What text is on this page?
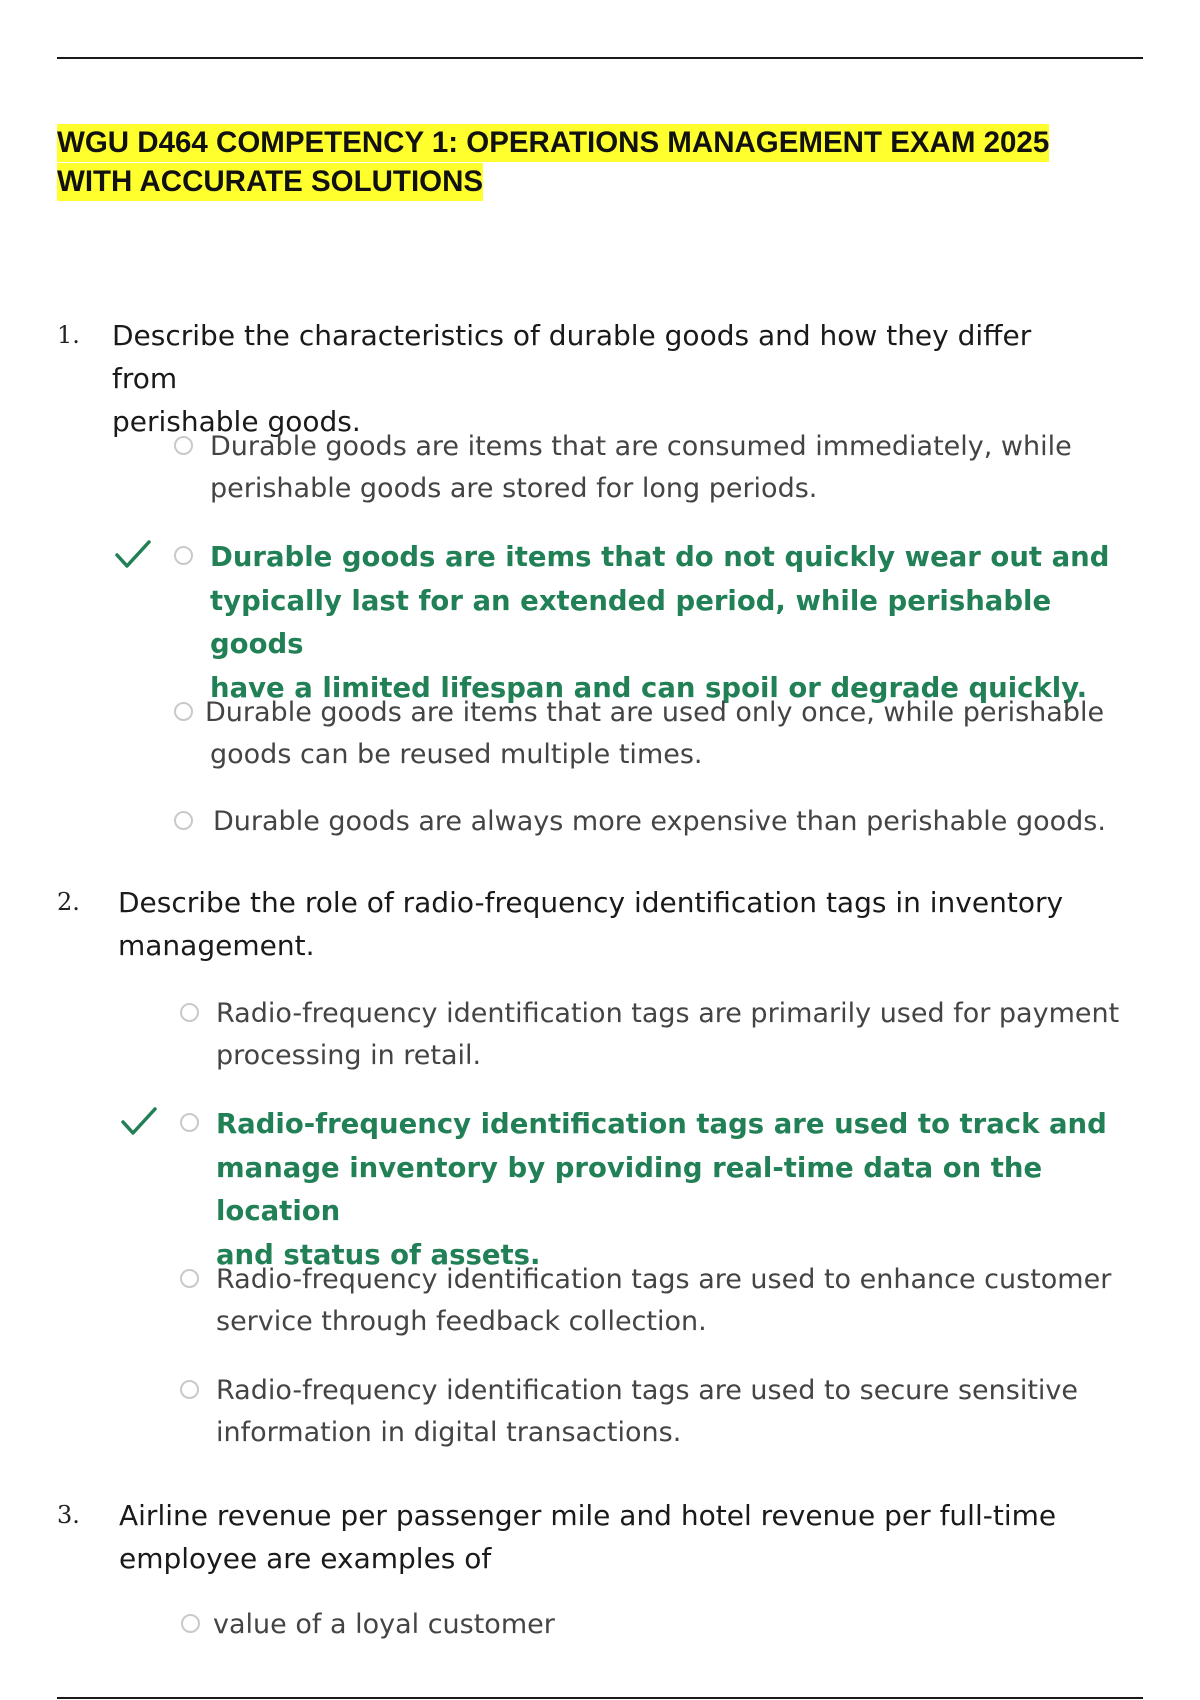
WGU D464 COMPETENCY 1: OPERATIONS MANAGEMENT EXAM 2025
WITH ACCURATE SOLUTIONS
1. Describe the characteristics of durable goods and how they differ from
perishable goods.
Durable goods are items that are consumed immediately, while
perishable goods are stored for long periods.
Durable goods are items that do not quickly wear out and
typically last for an extended period, while perishable goods
have a limited lifespan and can spoil or degrade quickly.
Durable goods are items that are used only once, while perishable
goods can be reused multiple times.
Durable goods are always more expensive than perishable goods.
2. Describe the role of radio-frequency identification tags in inventory
management.
Radio-frequency identification tags are primarily used for payment
processing in retail.
Radio-frequency identification tags are used to track and
manage inventory by providing real-time data on the location
and status of assets.
Radio-frequency identification tags are used to enhance customer
service through feedback collection.
Radio-frequency identification tags are used to secure sensitive
information in digital transactions.
3. Airline revenue per passenger mile and hotel revenue per full-time
employee are examples of
value of a loyal customer
